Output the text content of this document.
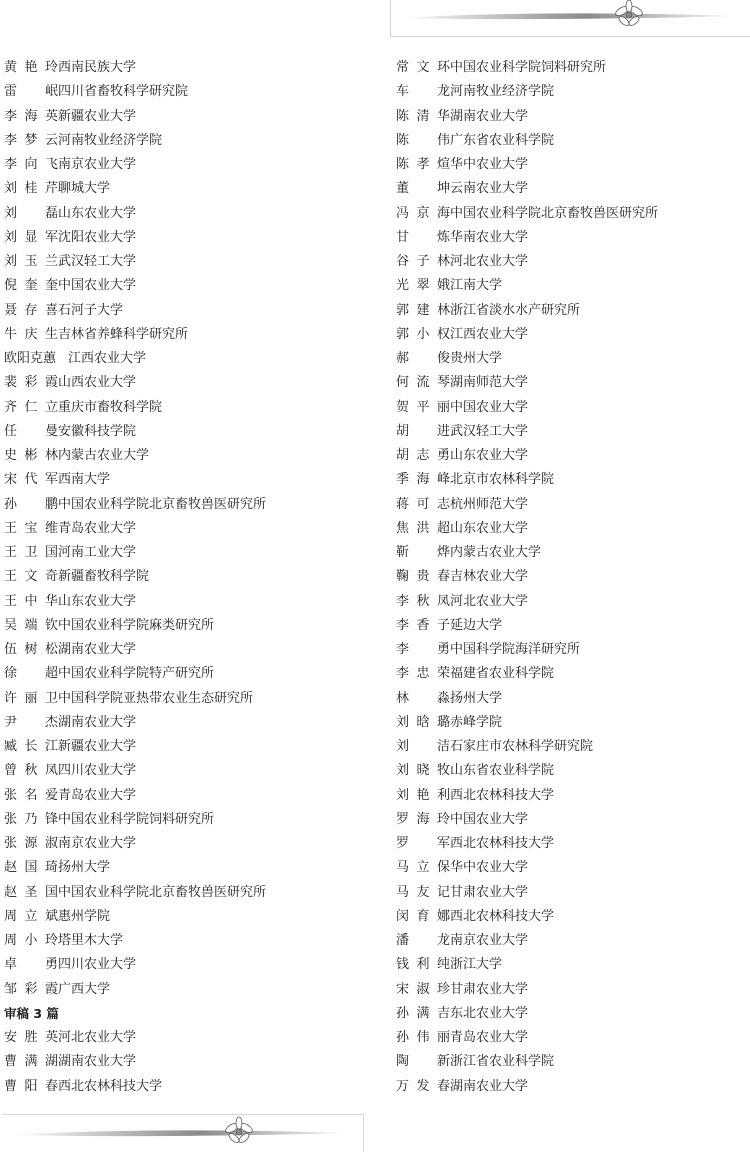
黄艳玲 西南民族大学
雷　岷 四川省畜牧科学研究院
李海英 新疆农业大学
李梦云 河南牧业经济学院
李向飞 南京农业大学
刘桂芹 聊城大学
刘　磊 山东农业大学
刘显军 沈阳农业大学
刘玉兰 武汉轻工大学
倪奎奎 中国农业大学
聂存喜 石河子大学
牛庆生 吉林省养蜂科学研究所
欧阳克蕙 江西农业大学
裴彩霞 山西农业大学
齐仁立 重庆市畜牧科学院
任　曼 安徽科技学院
史彬林 内蒙古农业大学
宋代军 西南大学
孙　鹏 中国农业科学院北京畜牧兽医研究所
王宝维 青岛农业大学
王卫国 河南工业大学
王文奇 新疆畜牧科学院
王中华 山东农业大学
吴端钦 中国农业科学院麻类研究所
伍树松 湖南农业大学
徐　超 中国农业科学院特产研究所
许丽卫 中国科学院亚热带农业生态研究所
尹　杰 湖南农业大学
臧长江 新疆农业大学
曾秋凤 四川农业大学
张名爱 青岛农业大学
张乃锋 中国农业科学院饲料研究所
张源淑 南京农业大学
赵国琦 扬州大学
赵圣国 中国农业科学院北京畜牧兽医研究所
周立斌 惠州学院
周小玲 塔里木大学
卓　勇 四川农业大学
邹彩霞 广西大学
审稿 3 篇
安胜英 河北农业大学
曹满湖 湖南农业大学
曹阳春 西北农林科技大学
常文环 中国农业科学院饲料研究所
车　龙 河南牧业经济学院
陈清华 湖南农业大学
陈　伟 广东省农业科学院
陈孝煊 华中农业大学
董　坤 云南农业大学
冯京海 中国农业科学院北京畜牧兽医研究所
甘　炼 华南农业大学
谷子林 河北农业大学
光翠娥 江南大学
郭建林 浙江省淡水水产研究所
郭小权 江西农业大学
郝　俊 贵州大学
何流琴 湖南师范大学
贺平丽 中国农业大学
胡　进 武汉轻工大学
胡志勇 山东农业大学
季海峰 北京市农林科学院
蒋可志 杭州师范大学
焦洪超 山东农业大学
靳　烨 内蒙古农业大学
鞠贵春 吉林农业大学
李秋凤 河北农业大学
李香子 延边大学
李　勇 中国科学院海洋研究所
李忠荣 福建省农业科学院
林　淼 扬州大学
刘晗璐 赤峰学院
刘　洁 石家庄市农林科学研究院
刘晓牧 山东省农业科学院
刘艳利 西北农林科技大学
罗海玲 中国农业大学
罗　军 西北农林科技大学
马立保 华中农业大学
马友记 甘肃农业大学
闵育娜 西北农林科技大学
潘　龙 南京农业大学
钱利纯 浙江大学
宋淑珍 甘肃农业大学
孙满吉 东北农业大学
孙伟丽 青岛农业大学
陶　新 浙江省农业科学院
万发春 湖南农业大学
